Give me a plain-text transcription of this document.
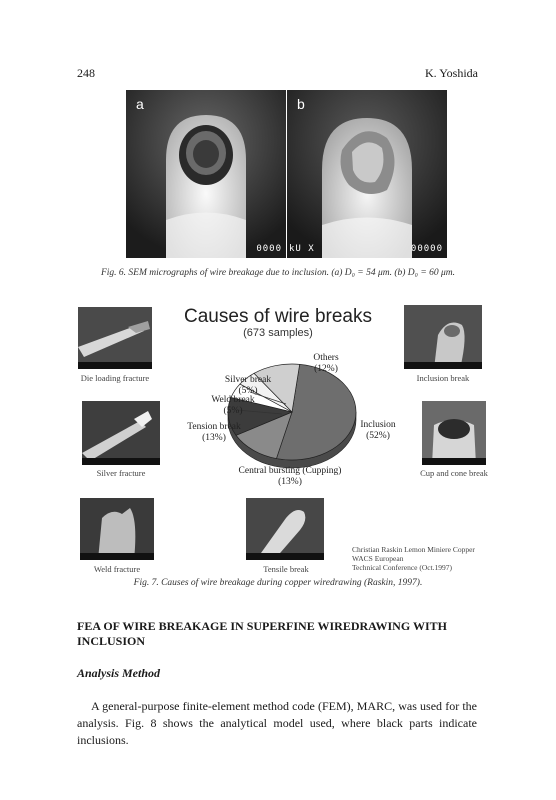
248	K. Yoshida
a
0000
b
kU X	00000
Fig. 6. SEM micrographs of wire breakage due to inclusion. (a) D₀ = 54 μm. (b) D₀ = 60 μm.
Die loading fracture	Inclusion break
Silver fracture	Cup and cone break
Weld fracture	Tensile break
Causes of wire breaks
(673 samples)
Others
(12%)
Silver break
(5%)
Weld break
(5%)
Tension break
(13%)
Inclusion
(52%)
Central bursting (Cupping)
(13%)
Christian Raskin Lemon Miniere Copper
WACS European
Technical Conference (Oct.1997)
Fig. 7. Causes of wire breakage during copper wiredrawing (Raskin, 1997).
FEA OF WIRE BREAKAGE IN SUPERFINE WIREDRAWING WITH INCLUSION
Analysis Method
A general-purpose finite-element method code (FEM), MARC, was used for the analysis. Fig. 8 shows the analytical model used, where black parts indicate inclusions.
